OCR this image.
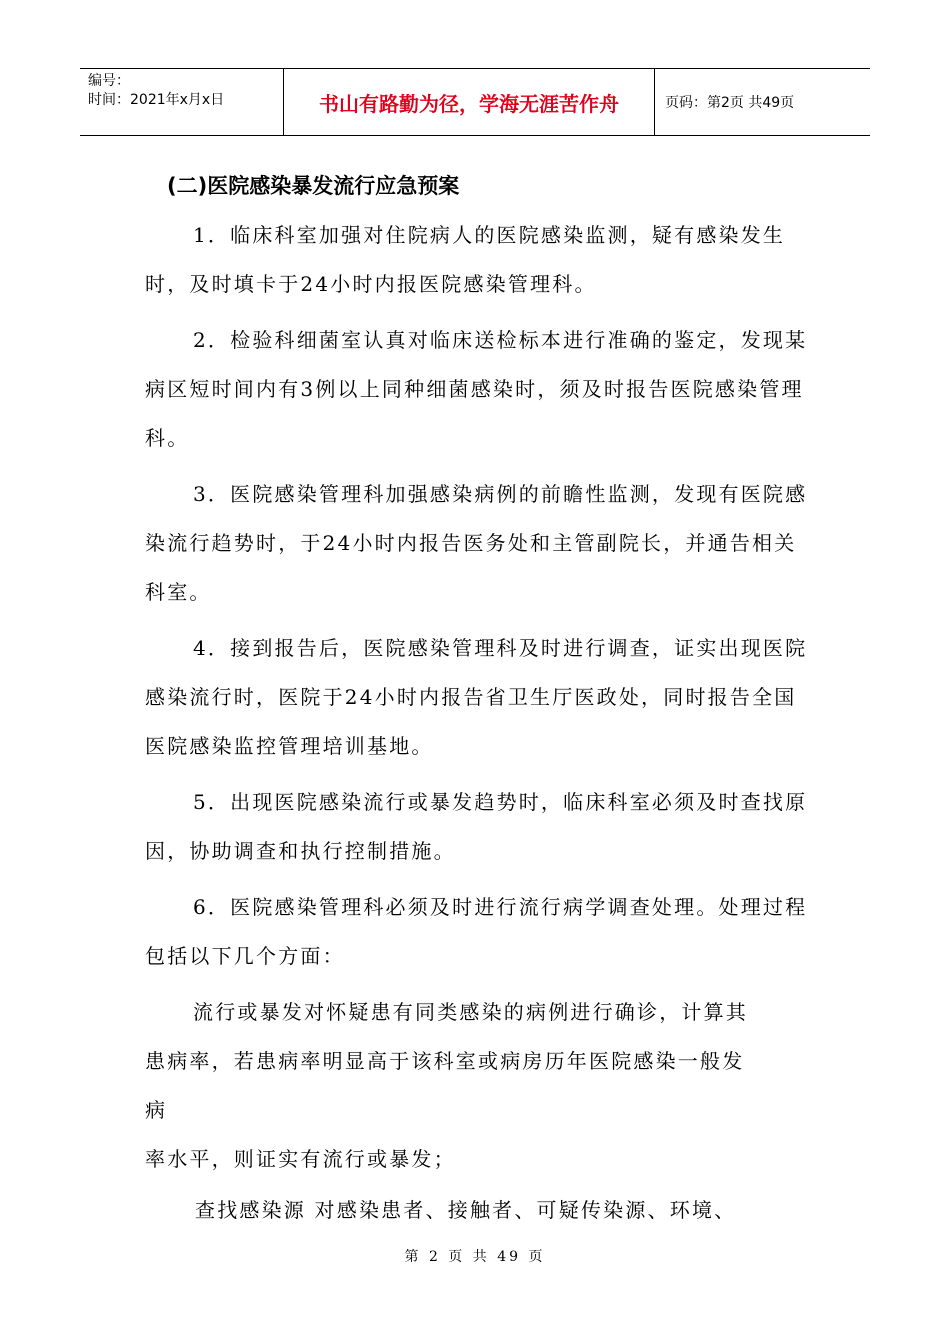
编号：
时间：2021年x月x日	书山有路勤为径，学海无涯苦作舟	页码：第2页 共49页
(二)医院感染暴发流行应急预案

1．临床科室加强对住院病人的医院感染监测，疑有感染发生时，及时填卡于24小时内报医院感染管理科。

2．检验科细菌室认真对临床送检标本进行准确的鉴定，发现某病区短时间内有3例以上同种细菌感染时，须及时报告医院感染管理科。

3．医院感染管理科加强感染病例的前瞻性监测，发现有医院感染流行趋势时，于24小时内报告医务处和主管副院长，并通告相关科室。

4．接到报告后，医院感染管理科及时进行调查，证实出现医院感染流行时，医院于24小时内报告省卫生厅医政处，同时报告全国医院感染监控管理培训基地。

5．出现医院感染流行或暴发趋势时，临床科室必须及时查找原因，协助调查和执行控制措施。

6．医院感染管理科必须及时进行流行病学调查处理。处理过程包括以下几个方面：

流行或暴发对怀疑患有同类感染的病例进行确诊，计算其

患病率，若患病率明显高于该科室或病房历年医院感染一般发

病

率水平，则证实有流行或暴发；

查找感染源 对感染患者、接触者、可疑传染源、环境、

第 2 页 共 49 页
